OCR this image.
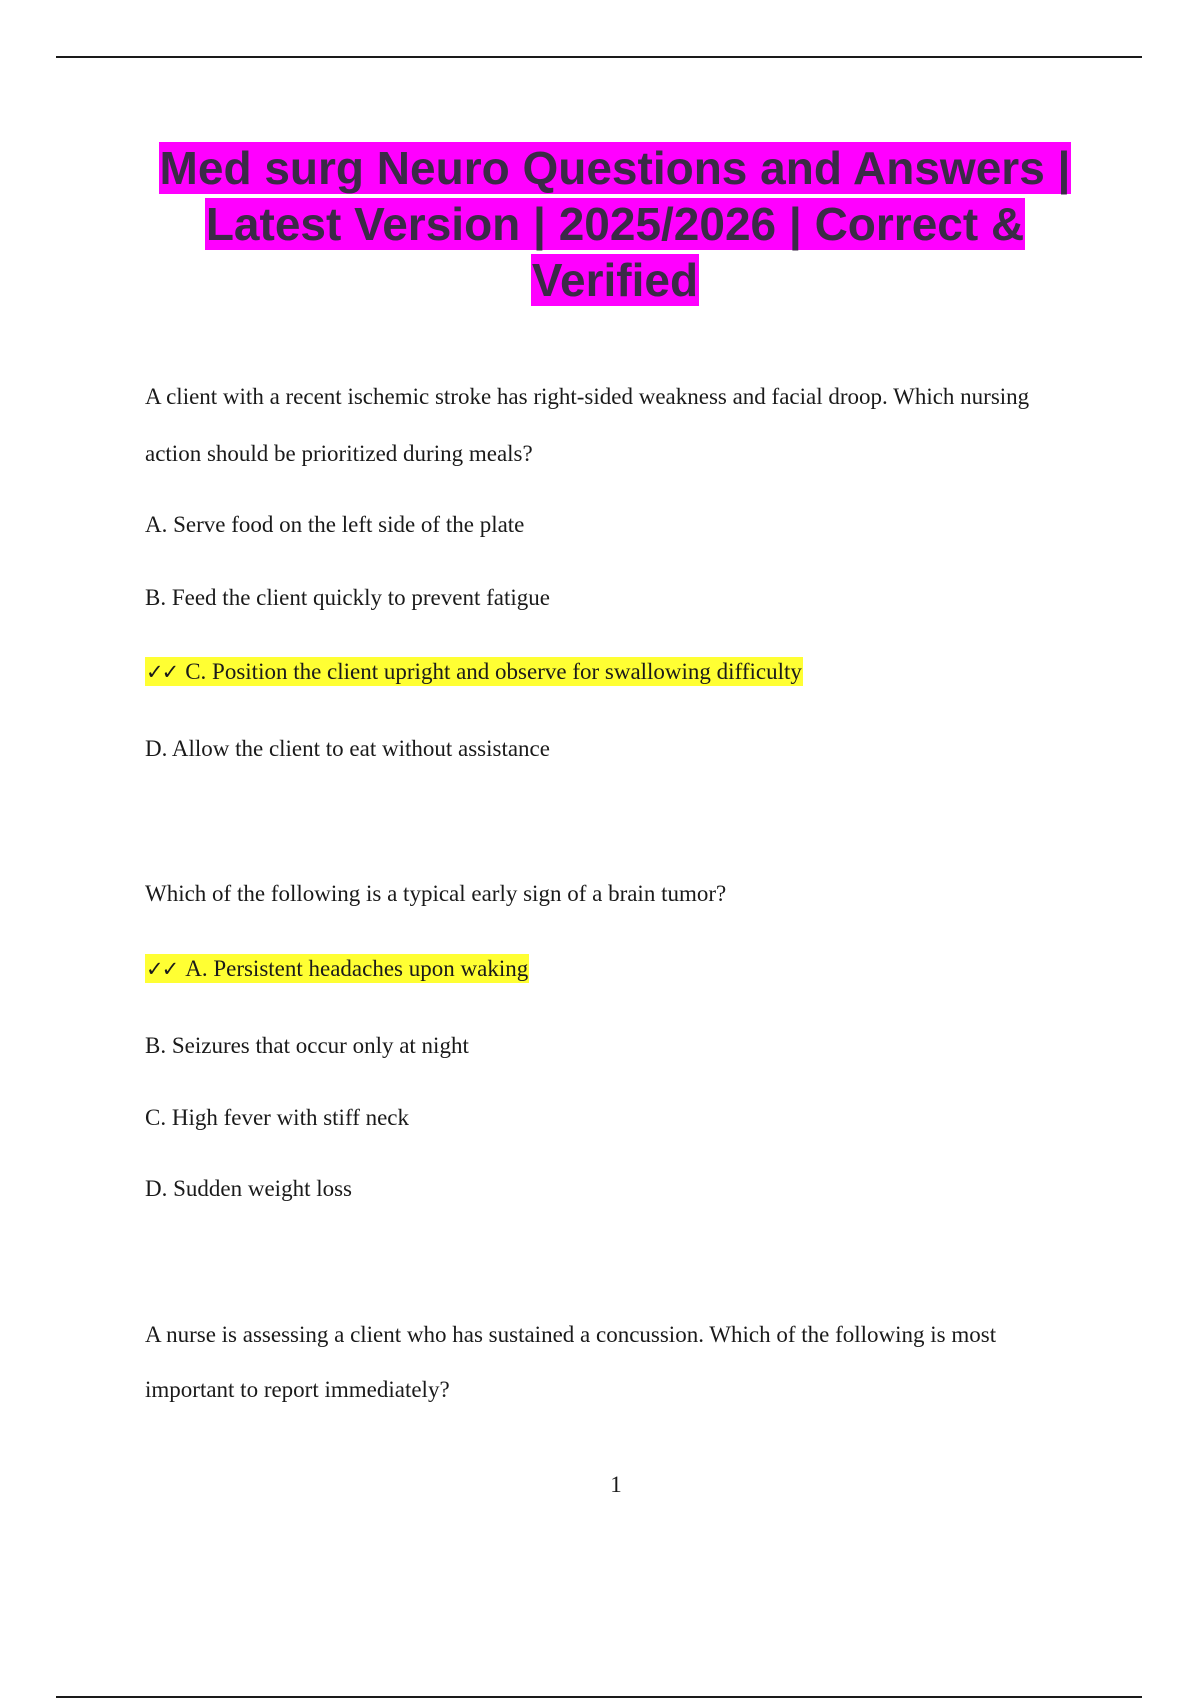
Med surg Neuro Questions and Answers | Latest Version | 2025/2026 | Correct & Verified
A client with a recent ischemic stroke has right-sided weakness and facial droop. Which nursing
action should be prioritized during meals?
A. Serve food on the left side of the plate
B. Feed the client quickly to prevent fatigue
✓✓ C. Position the client upright and observe for swallowing difficulty
D. Allow the client to eat without assistance
Which of the following is a typical early sign of a brain tumor?
✓✓ A. Persistent headaches upon waking
B. Seizures that occur only at night
C. High fever with stiff neck
D. Sudden weight loss
A nurse is assessing a client who has sustained a concussion. Which of the following is most
important to report immediately?
1
